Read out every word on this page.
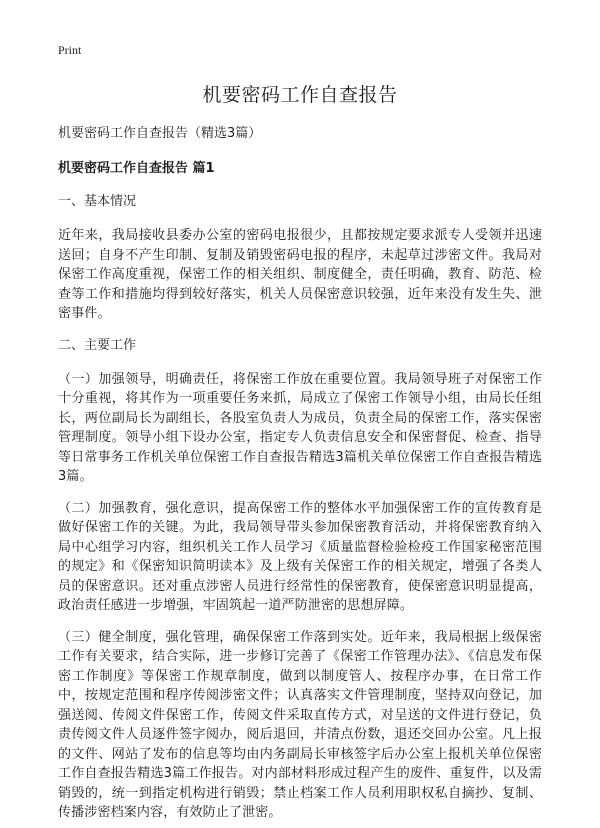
Print
机要密码工作自查报告
机要密码工作自查报告（精选3篇）
机要密码工作自查报告 篇1
一、基本情况

近年来，我局接收县委办公室的密码电报很少，且都按规定要求派专人受领并迅速送回；自身不产生印制、复制及销毁密码电报的程序，未起草过涉密文件。我局对保密工作高度重视，保密工作的相关组织、制度健全，责任明确，教育、防范、检查等工作和措施均得到较好落实，机关人员保密意识较强，近年来没有发生失、泄密事件。

二、主要工作

（一）加强领导，明确责任，将保密工作放在重要位置。我局领导班子对保密工作十分重视，将其作为一项重要任务来抓，局成立了保密工作领导小组，由局长任组长，两位副局长为副组长，各股室负责人为成员，负责全局的保密工作，落实保密管理制度。领导小组下设办公室，指定专人负责信息安全和保密督促、检查、指导等日常事务工作机关单位保密工作自查报告精选3篇机关单位保密工作自查报告精选3篇。

（二）加强教育，强化意识，提高保密工作的整体水平加强保密工作的宣传教育是做好保密工作的关键。为此，我局领导带头参加保密教育活动，并将保密教育纳入局中心组学习内容，组织机关工作人员学习《质量监督检验检疫工作国家秘密范围的规定》和《保密知识简明读本》及上级有关保密工作的相关规定，增强了各类人员的保密意识。还对重点涉密人员进行经常性的保密教育，使保密意识明显提高，政治责任感进一步增强，牢固筑起一道严防泄密的思想屏障。

（三）健全制度，强化管理，确保保密工作落到实处。近年来，我局根据上级保密工作有关要求，结合实际，进一步修订完善了《保密工作管理办法》、《信息发布保密工作制度》等保密工作规章制度，做到以制度管人、按程序办事，在日常工作中，按规定范围和程序传阅涉密文件；认真落实文件管理制度，坚持双向登记，加强送阅、传阅文件保密工作，传阅文件采取直传方式，对呈送的文件进行登记，负责传阅文件人员逐件签字阅办，阅后退回，并清点份数，退还交回办公室。凡上报的文件、网站了发布的信息等均由内务副局长审核签字后办公室上报机关单位保密工作自查报告精选3篇工作报告。对内部材料形成过程产生的废件、重复件，以及需销毁的，统一到指定机构进行销毁；禁止档案工作人员利用职权私自摘抄、复制、传播涉密档案内容，有效防止了泄密。
